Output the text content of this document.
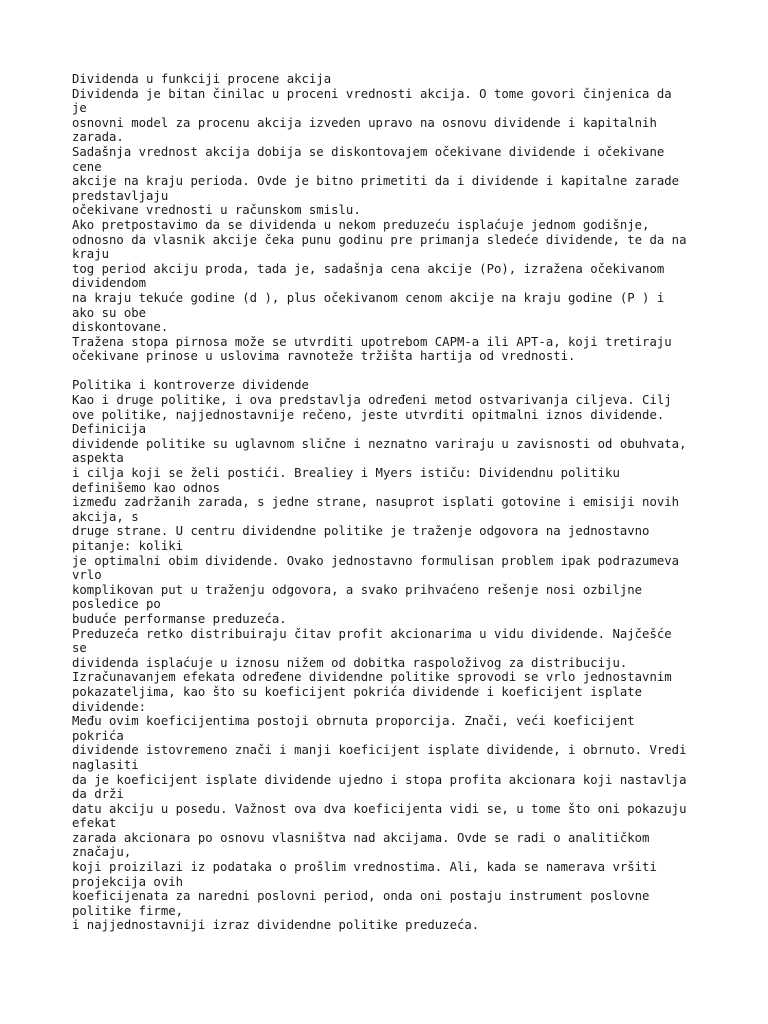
Dividenda u funkciji procene akcija
Dividenda je bitan činilac u proceni vrednosti akcija. O tome govori činjenica da
je
osnovni model za procenu akcija izveden upravo na osnovu dividende i kapitalnih
zarada.
Sadašnja vrednost akcija dobija se diskontovajem očekivane dividende i očekivane
cene
akcije na kraju perioda. Ovde je bitno primetiti da i dividende i kapitalne zarade
predstavljaju
očekivane vrednosti u računskom smislu.
Ako pretpostavimo da se dividenda u nekom preduzeću isplaćuje jednom godišnje,
odnosno da vlasnik akcije čeka punu godinu pre primanja sledeće dividende, te da na
kraju
tog period akciju proda, tada je, sadašnja cena akcije (Po), izražena očekivanom
dividendom
na kraju tekuće godine (d ), plus očekivanom cenom akcije na kraju godine (P ) i
ako su obe
diskontovane.
Tražena stopa pirnosa može se utvrditi upotrebom CAPM-a ili APT-a, koji tretiraju
očekivane prinose u uslovima ravnoteže tržišta hartija od vrednosti.
Politika i kontroverze dividende
Kao i druge politike, i ova predstavlja određeni metod ostvarivanja ciljeva. Cilj
ove politike, najjednostavnije rečeno, jeste utvrditi opitmalni iznos dividende.
Definicija
dividende politike su uglavnom slične i neznatno variraju u zavisnosti od obuhvata,
aspekta
i cilja koji se želi postići. Brealiey i Myers ističu: Dividendnu politiku
definišemo kao odnos
između zadržanih zarada, s jedne strane, nasuprot isplati gotovine i emisiji novih
akcija, s
druge strane. U centru dividendne politike je traženje odgovora na jednostavno
pitanje: koliki
je optimalni obim dividende. Ovako jednostavno formulisan problem ipak podrazumeva
vrlo
komplikovan put u traženju odgovora, a svako prihvaćeno rešenje nosi ozbiljne
posledice po
buduće performanse preduzeća.
Preduzeća retko distribuiraju čitav profit akcionarima u vidu dividende. Najčešće
se
dividenda isplaćuje u iznosu nižem od dobitka raspoloživog za distribuciju.
Izračunavanjem efekata određene dividendne politike sprovodi se vrlo jednostavnim
pokazateljima, kao što su koeficijent pokrića dividende i koeficijent isplate
dividende:
Među ovim koeficijentima postoji obrnuta proporcija. Znači, veći koeficijent
pokrića
dividende istovremeno znači i manji koeficijent isplate dividende, i obrnuto. Vredi
naglasiti
da je koeficijent isplate dividende ujedno i stopa profita akcionara koji nastavlja
da drži
datu akciju u posedu. Važnost ova dva koeficijenta vidi se, u tome što oni pokazuju
efekat
zarada akcionara po osnovu vlasništva nad akcijama. Ovde se radi o analitičkom
značaju,
koji proizilazi iz podataka o prošlim vrednostima. Ali, kada se namerava vršiti
projekcija ovih
koeficijenata za naredni poslovni period, onda oni postaju instrument poslovne
politike firme,
i najjednostavniji izraz dividendne politike preduzeća.
